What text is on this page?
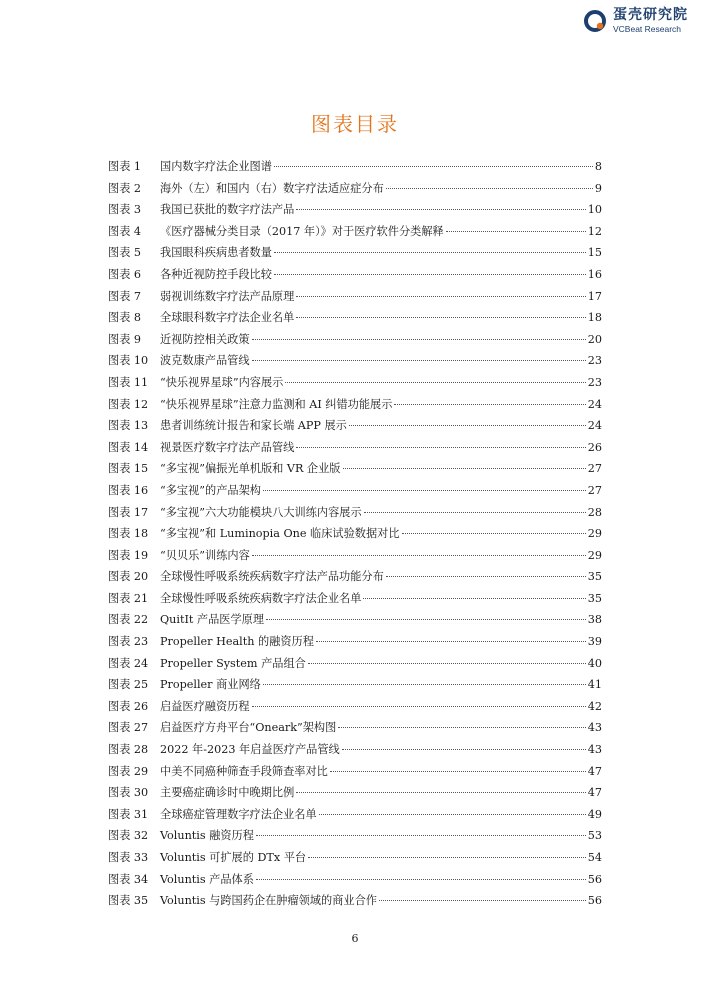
蛋壳研究院
VCBeat Research
图表目录
图表 1	国内数字疗法企业图谱	8
图表 2	海外（左）和国内（右）数字疗法适应症分布	9
图表 3	我国已获批的数字疗法产品	10
图表 4	《医疗器械分类目录（2017 年）》对于医疗软件分类解释	12
图表 5	我国眼科疾病患者数量	15
图表 6	各种近视防控手段比较	16
图表 7	弱视训练数字疗法产品原理	17
图表 8	全球眼科数字疗法企业名单	18
图表 9	近视防控相关政策	20
图表 10	波克数康产品管线	23
图表 11	“快乐视界星球”内容展示	23
图表 12	“快乐视界星球”注意力监测和 AI 纠错功能展示	24
图表 13	患者训练统计报告和家长端 APP 展示	24
图表 14	视景医疗数字疗法产品管线	26
图表 15	“多宝视”偏振光单机版和 VR 企业版	27
图表 16	“多宝视”的产品架构	27
图表 17	“多宝视”六大功能模块八大训练内容展示	28
图表 18	“多宝视”和 Luminopia One 临床试验数据对比	29
图表 19	“贝贝乐”训练内容	29
图表 20	全球慢性呼吸系统疾病数字疗法产品功能分布	35
图表 21	全球慢性呼吸系统疾病数字疗法企业名单	35
图表 22	QuitIt 产品医学原理	38
图表 23	Propeller Health 的融资历程	39
图表 24	Propeller System 产品组合	40
图表 25	Propeller 商业网络	41
图表 26	启益医疗融资历程	42
图表 27	启益医疗方舟平台“Oneark”架构图	43
图表 28	2022 年-2023 年启益医疗产品管线	43
图表 29	中美不同癌种筛查手段筛查率对比	47
图表 30	主要癌症确诊时中晚期比例	47
图表 31	全球癌症管理数字疗法企业名单	49
图表 32	Voluntis 融资历程	53
图表 33	Voluntis 可扩展的 DTx 平台	54
图表 34	Voluntis 产品体系	56
图表 35	Voluntis 与跨国药企在肿瘤领域的商业合作	56
6
